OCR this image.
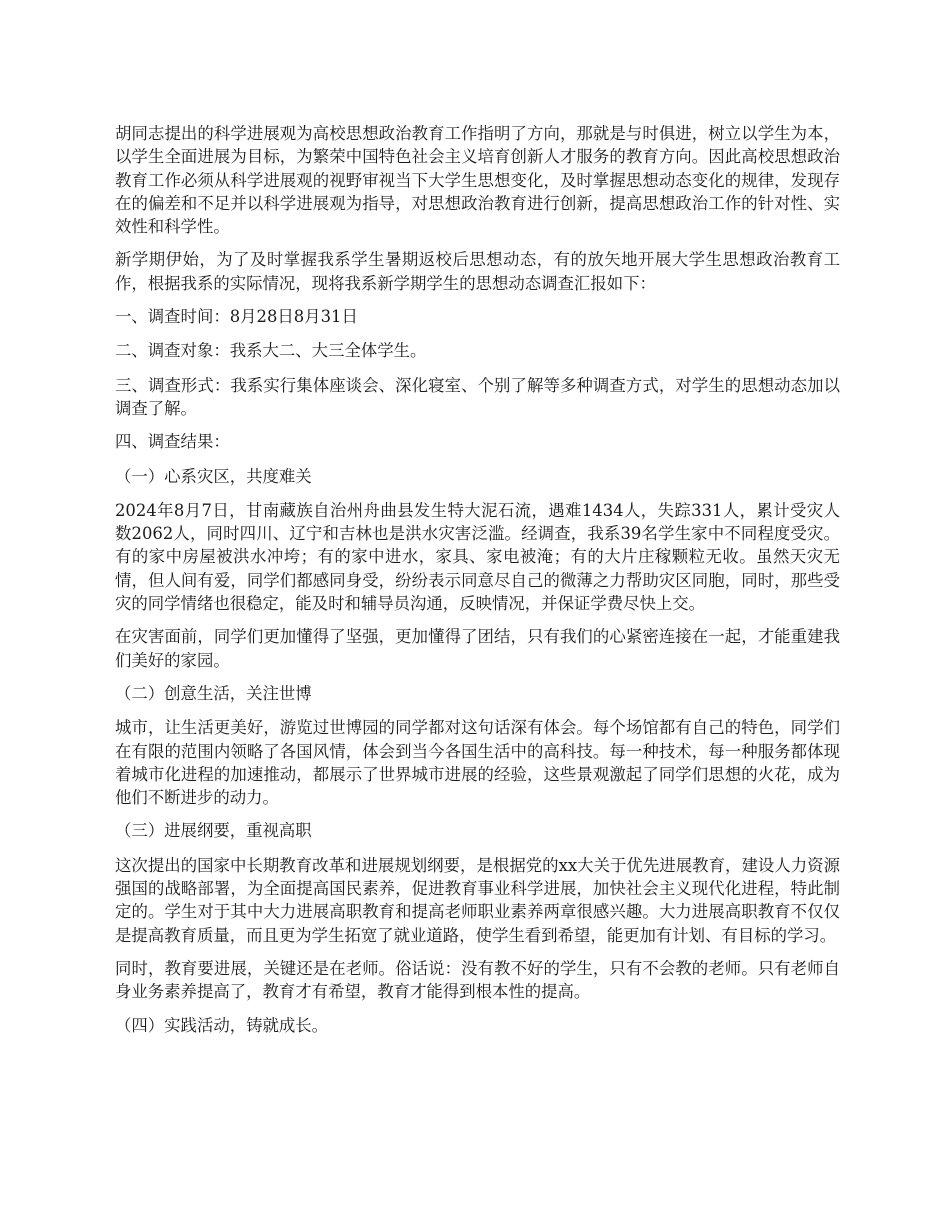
胡同志提出的科学进展观为高校思想政治教育工作指明了方向，那就是与时俱进，树立以学生为本，以学生全面进展为目标，为繁荣中国特色社会主义培育创新人才服务的教育方向。因此高校思想政治教育工作必须从科学进展观的视野审视当下大学生思想变化，及时掌握思想动态变化的规律，发现存在的偏差和不足并以科学进展观为指导，对思想政治教育进行创新，提高思想政治工作的针对性、实效性和科学性。

新学期伊始，为了及时掌握我系学生暑期返校后思想动态，有的放矢地开展大学生思想政治教育工作，根据我系的实际情况，现将我系新学期学生的思想动态调查汇报如下：

一、调查时间：8月28日8月31日

二、调查对象：我系大二、大三全体学生。

三、调查形式：我系实行集体座谈会、深化寝室、个别了解等多种调查方式，对学生的思想动态加以调查了解。

四、调查结果：

（一）心系灾区，共度难关

2024年8月7日，甘南藏族自治州舟曲县发生特大泥石流，遇难1434人，失踪331人，累计受灾人数2062人，同时四川、辽宁和吉林也是洪水灾害泛滥。经调查，我系39名学生家中不同程度受灾。有的家中房屋被洪水冲垮；有的家中进水，家具、家电被淹；有的大片庄稼颗粒无收。虽然天灾无情，但人间有爱，同学们都感同身受，纷纷表示同意尽自己的微薄之力帮助灾区同胞，同时，那些受灾的同学情绪也很稳定，能及时和辅导员沟通，反映情况，并保证学费尽快上交。

在灾害面前，同学们更加懂得了坚强，更加懂得了团结，只有我们的心紧密连接在一起，才能重建我们美好的家园。

（二）创意生活，关注世博

城市，让生活更美好，游览过世博园的同学都对这句话深有体会。每个场馆都有自己的特色，同学们在有限的范围内领略了各国风情，体会到当今各国生活中的高科技。每一种技术，每一种服务都体现着城市化进程的加速推动，都展示了世界城市进展的经验，这些景观激起了同学们思想的火花，成为他们不断进步的动力。

（三）进展纲要，重视高职

这次提出的国家中长期教育改革和进展规划纲要，是根据党的xx大关于优先进展教育，建设人力资源强国的战略部署，为全面提高国民素养，促进教育事业科学进展，加快社会主义现代化进程，特此制定的。学生对于其中大力进展高职教育和提高老师职业素养两章很感兴趣。大力进展高职教育不仅仅是提高教育质量，而且更为学生拓宽了就业道路，使学生看到希望，能更加有计划、有目标的学习。

同时，教育要进展，关键还是在老师。俗话说：没有教不好的学生，只有不会教的老师。只有老师自身业务素养提高了，教育才有希望，教育才能得到根本性的提高。

（四）实践活动，铸就成长。
